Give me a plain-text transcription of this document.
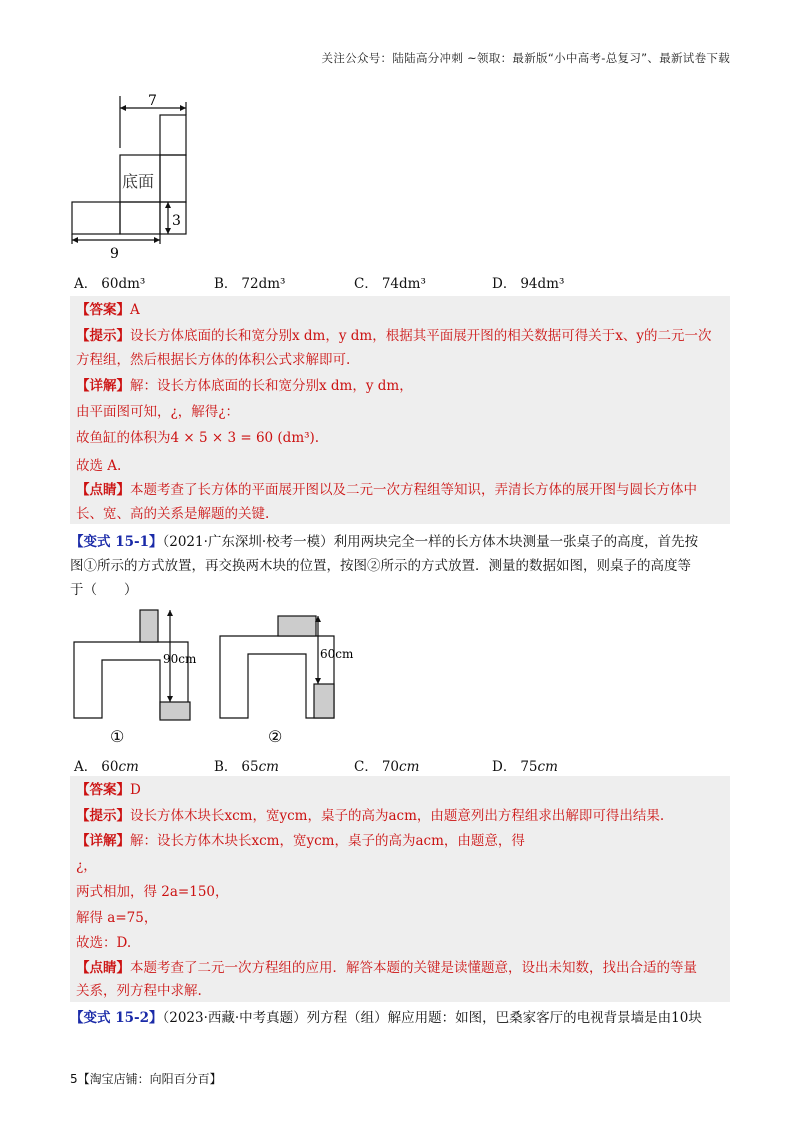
关注公众号：陆陆高分冲刺 ~领取：最新版“小中高考-总复习”、最新试卷下载
7
底面
3
9
A． 60dm³	B． 72dm³	C． 74dm³	D． 94dm³
【答案】A
【提示】设长方体底面的长和宽分别x dm，y dm，根据其平面展开图的相关数据可得关于x、y的二元一次
方程组，然后根据长方体的体积公式求解即可.
【详解】解：设长方体底面的长和宽分别x dm，y dm，
由平面图可知，¿，解得¿：
故鱼缸的体积为4 × 5 × 3 = 60 (dm³).
故选 A.
【点睛】本题考查了长方体的平面展开图以及二元一次方程组等知识，弄清长方体的展开图与圆长方体中
长、宽、高的关系是解题的关键.
【变式 15-1】（2021·广东深圳·校考一模）利用两块完全一样的长方体木块测量一张桌子的高度，首先按
图①所示的方式放置，再交换两木块的位置，按图②所示的方式放置．测量的数据如图，则桌子的高度等
于（　　）
90cm
①
60cm
②
A． 60cm	B． 65cm	C． 70cm	D． 75cm
【答案】D
【提示】设长方体木块长xcm，宽ycm，桌子的高为acm，由题意列出方程组求出解即可得出结果.
【详解】解：设长方体木块长xcm，宽ycm，桌子的高为acm，由题意，得
¿，
两式相加，得 2a=150，
解得 a=75，
故选：D.
【点睛】本题考查了二元一次方程组的应用．解答本题的关键是读懂题意，设出未知数，找出合适的等量
关系，列方程中求解.
【变式 15-2】（2023·西藏·中考真题）列方程（组）解应用题：如图，巴桑家客厅的电视背景墙是由10块
5【淘宝店铺：向阳百分百】
